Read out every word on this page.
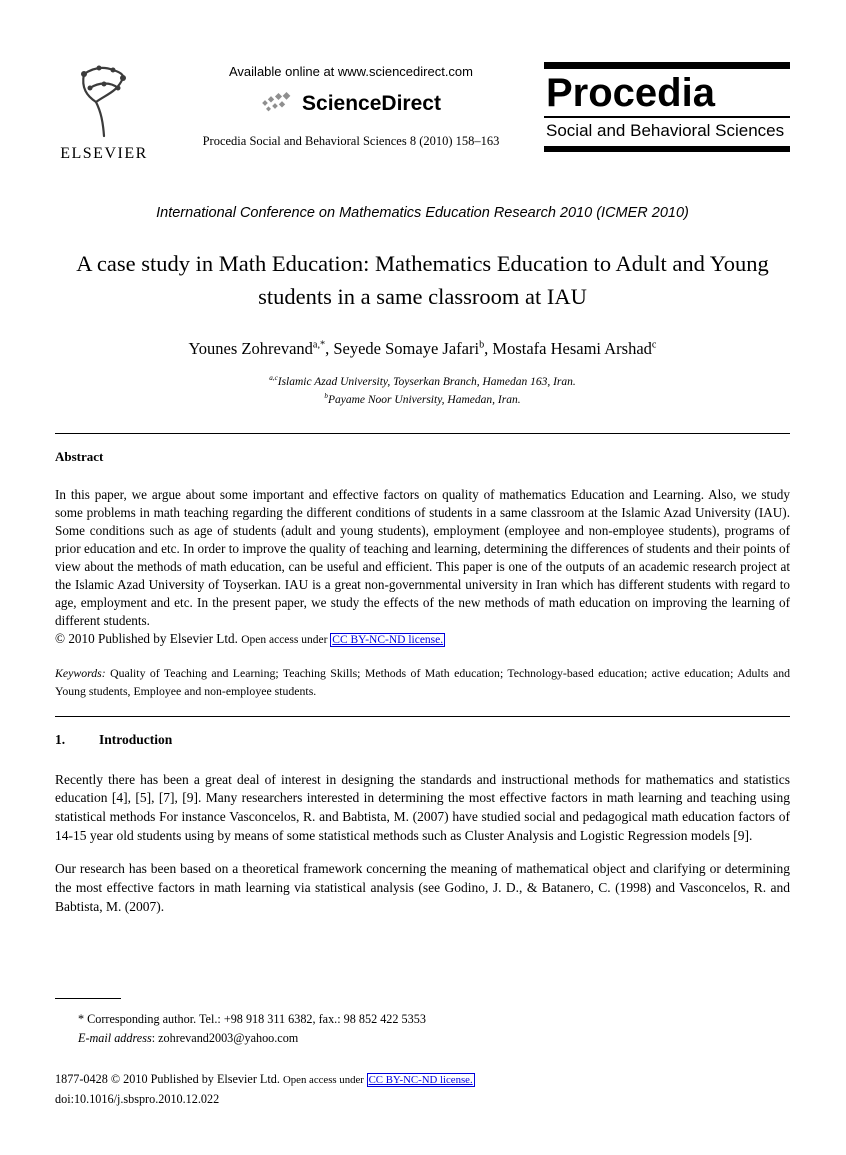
ELSEVIER
Available online at www.sciencedirect.com
ScienceDirect
Procedia Social and Behavioral Sciences 8 (2010) 158–163
Procedia
Social and Behavioral Sciences
International Conference on Mathematics Education Research 2010 (ICMER 2010)
A case study in Math Education: Mathematics Education to Adult and Young students in a same classroom at IAU
Younes Zohrevand$^{a,*}$, Seyede Somaye Jafari$^b$, Mostafa Hesami Arshad$^c$
$^{a,c}$Islamic Azad University, Toyserkan Branch, Hamedan 163, Iran.
$^b$Payame Noor University, Hamedan, Iran.
Abstract
In this paper, we argue about some important and effective factors on quality of mathematics Education and Learning. Also, we study some problems in math teaching regarding the different conditions of students in a same classroom at the Islamic Azad University (IAU). Some conditions such as age of students (adult and young students), employment (employee and non-employee students), programs of prior education and etc. In order to improve the quality of teaching and learning, determining the differences of students and their points of view about the methods of math education, can be useful and efficient. This paper is one of the outputs of an academic research project at the Islamic Azad University of Toyserkan. IAU is a great non-governmental university in Iran which has different students with regard to age, employment and etc. In the present paper, we study the effects of the new methods of math education on improving the learning of different students.
© 2010 Published by Elsevier Ltd. Open access under CC BY-NC-ND license.
Keywords: Quality of Teaching and Learning; Teaching Skills; Methods of Math education; Technology-based education; active education; Adults and Young students, Employee and non-employee students.
1.	Introduction
Recently there has been a great deal of interest in designing the standards and instructional methods for mathematics and statistics education [4], [5], [7], [9]. Many researchers interested in determining the most effective factors in math learning and teaching using statistical methods For instance Vasconcelos, R. and Babtista, M. (2007) have studied social and pedagogical math education factors of 14-15 year old students using by means of some statistical methods such as Cluster Analysis and Logistic Regression models [9].
Our research has been based on a theoretical framework concerning the meaning of mathematical object and clarifying or determining the most effective factors in math learning via statistical analysis (see Godino, J. D., & Batanero, C. (1998) and Vasconcelos, R. and Babtista, M. (2007).
* Corresponding author. Tel.: +98 918 311 6382, fax.: 98 852 422 5353
E-mail address: zohrevand2003@yahoo.com
1877-0428 © 2010 Published by Elsevier Ltd. Open access under CC BY-NC-ND license.
doi:10.1016/j.sbspro.2010.12.022
